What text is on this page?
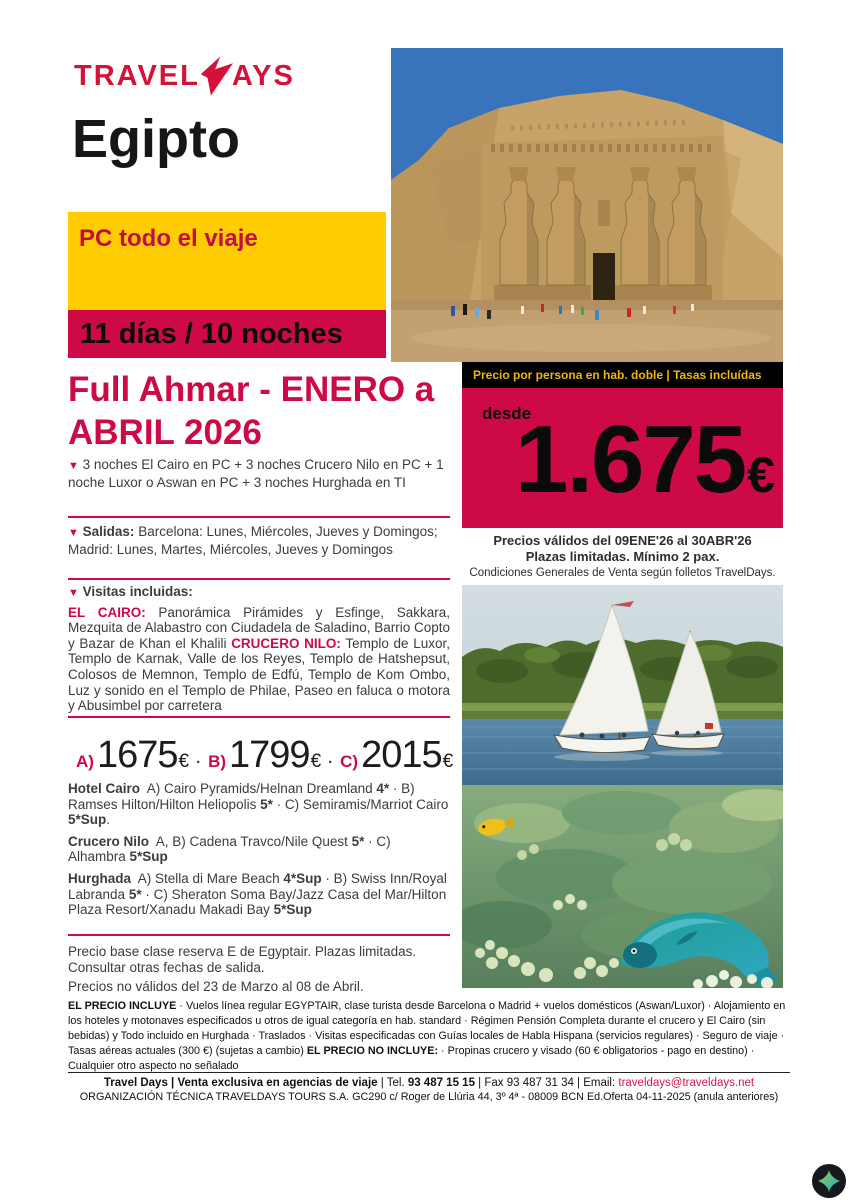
TRAVEL AYS
Egipto
PC todo el viaje
11 días / 10 noches
Full Ahmar - ENERO a ABRIL 2026
▼ 3 noches El Cairo en PC + 3 noches Crucero Nilo en PC + 1 noche Luxor o Aswan en PC + 3 noches Hurghada en TI
▼ Salidas: Barcelona: Lunes, Miércoles, Jueves y Domingos; Madrid: Lunes, Martes, Miércoles, Jueves y Domingos
▼ Visitas incluidas:

EL CAIRO: Panorámica Pirámides y Esfinge, Sakkara, Mezquita de Alabastro con Ciudadela de Saladino, Barrio Copto y Bazar de Khan el Khalili CRUCERO NILO: Templo de Luxor, Templo de Karnak, Valle de los Reyes, Templo de Hatshepsut, Colosos de Memnon, Templo de Edfú, Templo de Kom Ombo, Luz y sonido en el Templo de Philae, Paseo en faluca o motora y Abusimbel por carretera

A) 1675 € · B) 1799 € · C) 2015 €

Hotel Cairo A) Cairo Pyramids/Helnan Dreamland 4* · B) Ramses Hilton/Hilton Heliopolis 5* · C) Semiramis/Marriot Cairo 5*Sup.

Crucero Nilo A, B) Cadena Travco/Nile Quest 5* · C) Alhambra 5*Sup

Hurghada A) Stella di Mare Beach 4*Sup · B) Swiss Inn/Royal Labranda 5* · C) Sheraton Soma Bay/Jazz Casa del Mar/Hilton Plaza Resort/Xanadu Makadi Bay 5*Sup

Precio base clase reserva E de Egyptair. Plazas limitadas. Consultar otras fechas de salida.
Precios no válidos del 23 de Marzo al 08 de Abril.
Precio por persona en hab. doble | Tasas incluídas
desde
1.675 €
Precios válidos del 09ENE'26 al 30ABR'26
Plazas limitadas. Mínimo 2 pax.
Condiciones Generales de Venta según folletos TravelDays.
EL PRECIO INCLUYE · Vuelos línea regular EGYPTAIR, clase turista desde Barcelona o Madrid + vuelos domésticos (Aswan/Luxor) · Alojamiento en los hoteles y motonaves especificados u otros de igual categoría en hab. standard · Régimen Pensión Completa durante el crucero y El Cairo (sin bebidas) y Todo incluido en Hurghada · Traslados · Visitas especificadas con Guías locales de Habla Hispana (servicios regulares) · Seguro de viaje · Tasas aéreas actuales (300 €) (sujetas a cambio) EL PRECIO NO INCLUYE: · Propinas crucero y visado (60 € obligatorios - pago en destino) · Cualquier otro aspecto no señalado
Travel Days | Venta exclusiva en agencias de viaje | Tel. 93 487 15 15 | Fax 93 487 31 34 | Email: traveldays@traveldays.net
ORGANIZACIÓN TÉCNICA TRAVELDAYS TOURS S.A. GC290 c/ Roger de Llúria 44, 3º 4ª - 08009 BCN Ed.Oferta 04-11-2025 (anula anteriores)
